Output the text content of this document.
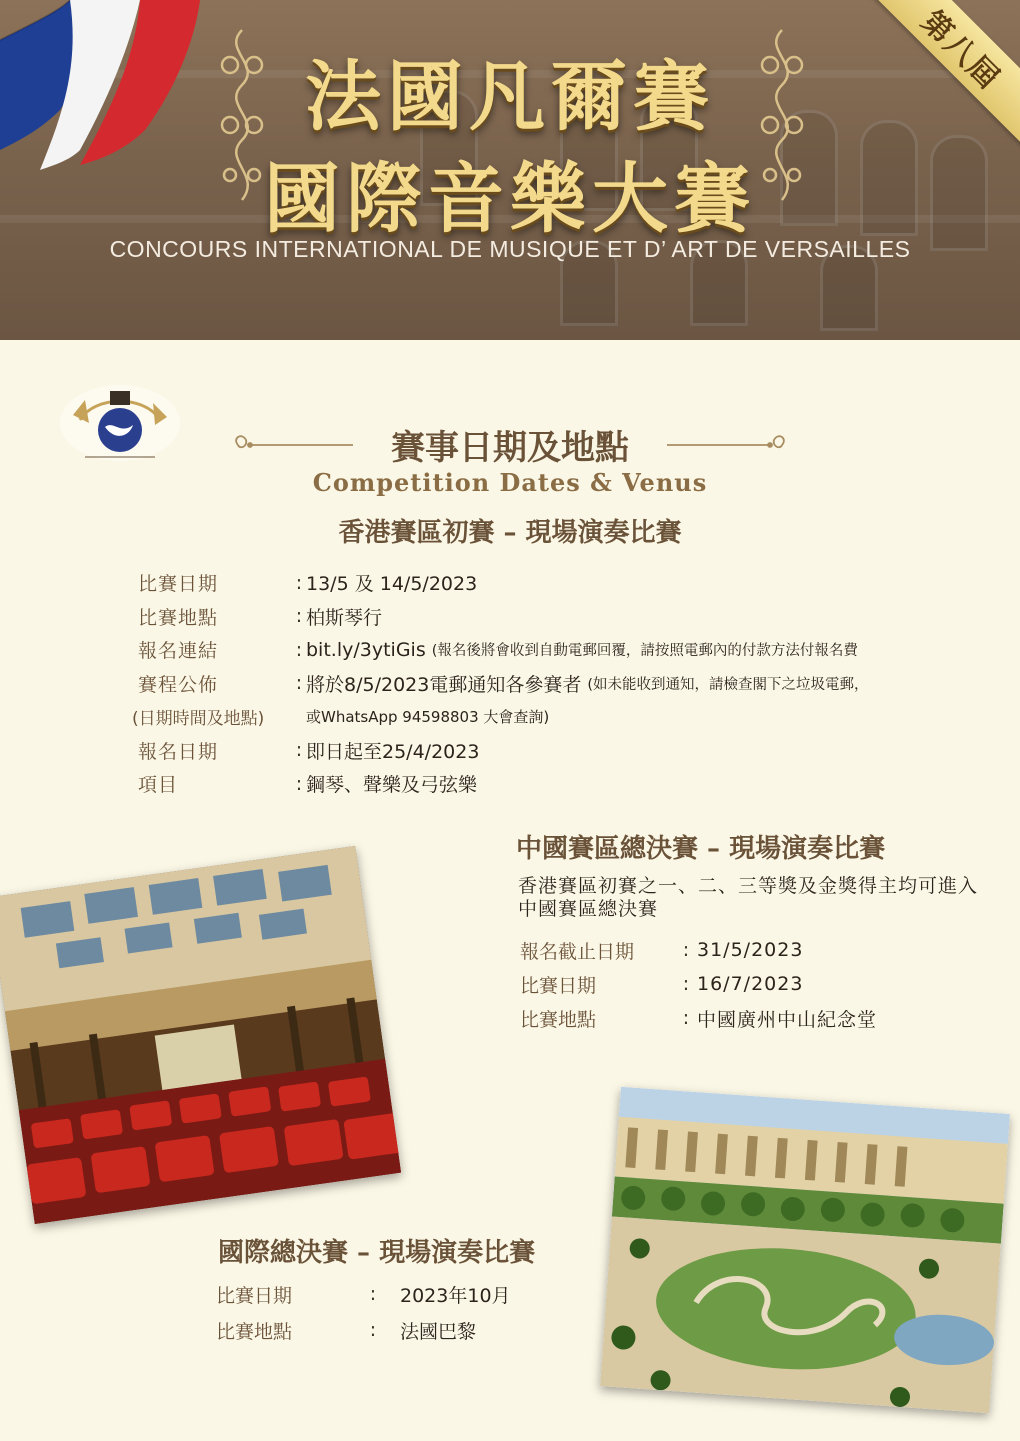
法國凡爾賽
國際音樂大賽
CONCOURS INTERNATIONAL DE MUSIQUE ET D’ ART DE VERSAILLES
第八屆
賽事日期及地點
Competition Dates & Venus
香港賽區初賽 – 現場演奏比賽
比賽日期	: 13/5 及 14/5/2023
比賽地點	: 柏斯琴行
報名連結	: bit.ly/3ytiGis (報名後將會收到自動電郵回覆，請按照電郵內的付款方法付報名費
賽程公佈	: 將於8/5/2023電郵通知各參賽者 (如未能收到通知，請檢查閣下之垃圾電郵，
(日期時間及地點)	或WhatsApp 94598803 大會查詢)
報名日期	: 即日起至25/4/2023
項目	: 鋼琴、聲樂及弓弦樂
中國賽區總決賽 – 現場演奏比賽
香港賽區初賽之一、二、三等獎及金獎得主均可進入中國賽區總決賽
報名截止日期	: 31/5/2023
比賽日期	: 16/7/2023
比賽地點	: 中國廣州中山紀念堂
國際總決賽 – 現場演奏比賽
比賽日期	:	2023年10月
比賽地點	:	法國巴黎
